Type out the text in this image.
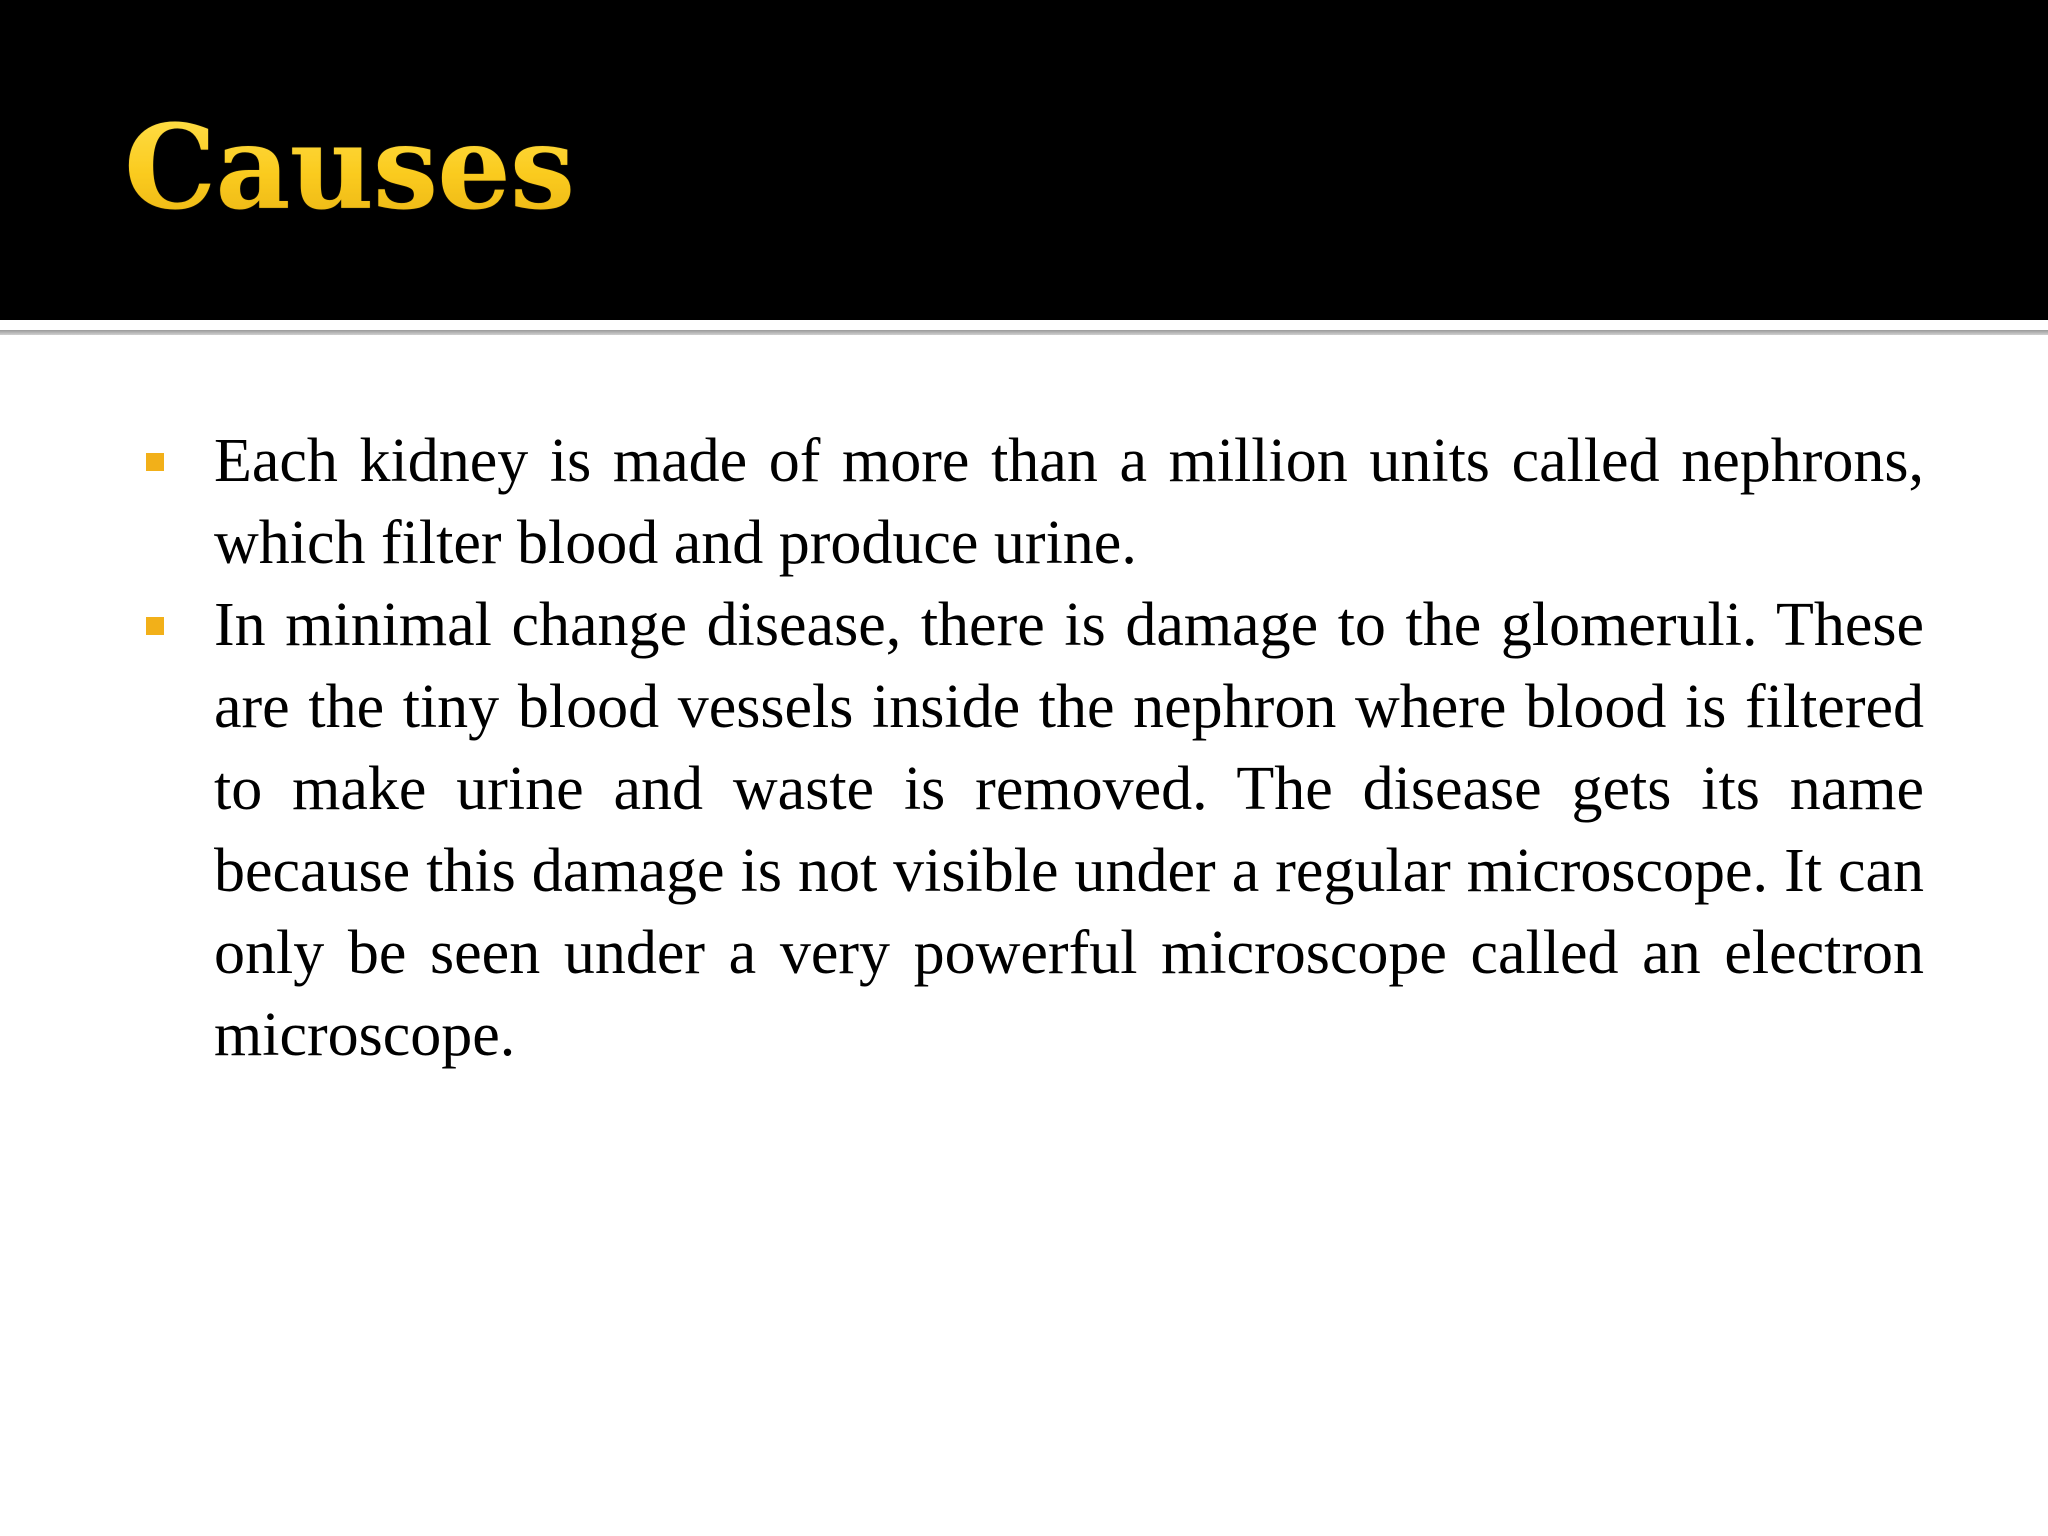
Causes
Each kidney is made of more than a million units called nephrons, which filter blood and produce urine.
In minimal change disease, there is damage to the glomeruli. These are the tiny blood vessels inside the nephron where blood is filtered to make urine and waste is removed. The disease gets its name because this damage is not visible under a regular microscope. It can only be seen under a very powerful microscope called an electron microscope.
